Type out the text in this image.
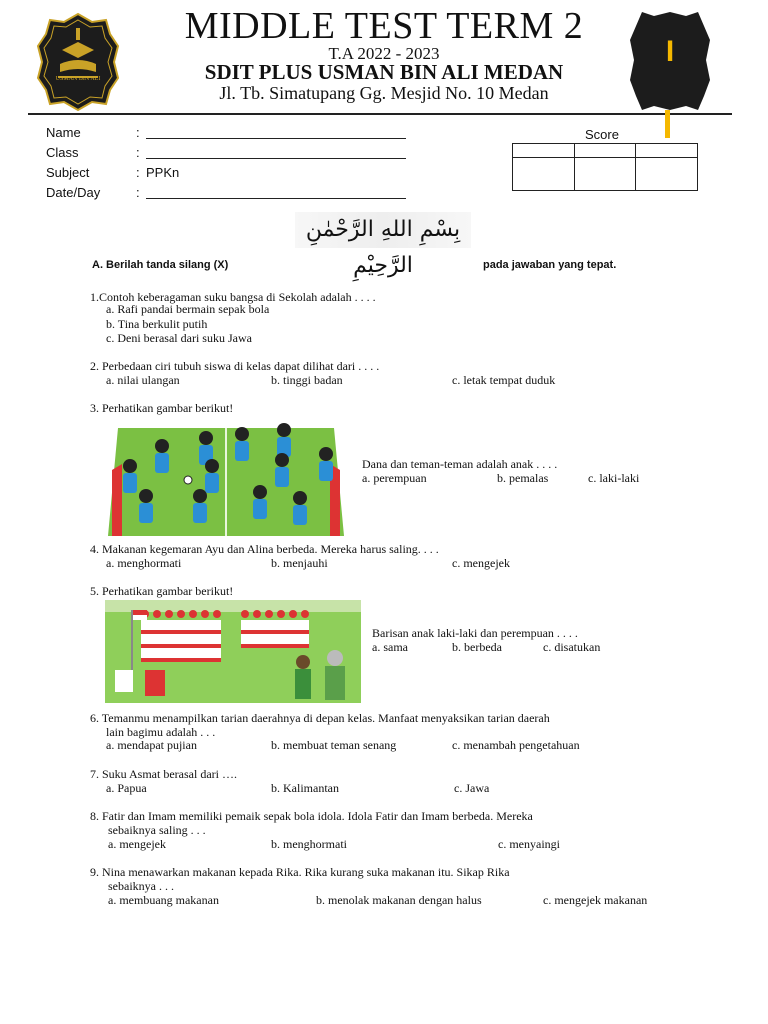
USMAN BIN ALI
MIDDLE TEST TERM 2
T.A 2022 - 2023
SDIT PLUS USMAN BIN ALI MEDAN
Jl. Tb. Simatupang Gg. Mesjid No. 10 Medan
I
Name	:
Class	:
Subject	: PPKn
Date/Day	:
Score

بِسْمِ اللهِ الرَّحْمٰنِ الرَّحِيْمِ
A. Berilah tanda silang (X)	pada jawaban yang tepat.
1.Contoh keberagaman suku bangsa di Sekolah adalah . . . .
a. Rafi pandai bermain sepak bola
b. Tina berkulit putih
c. Deni berasal dari suku Jawa
2. Perbedaan ciri tubuh siswa di kelas dapat dilihat dari . . . .
a. nilai ulangan	b. tinggi badan	c. letak tempat duduk
3. Perhatikan gambar berikut!
Dana dan teman-teman adalah anak . . . .
a. perempuan	b. pemalas	c. laki-laki
4. Makanan kegemaran Ayu dan Alina berbeda. Mereka harus saling. . . .
a. menghormati	b. menjauhi	c. mengejek
5. Perhatikan gambar berikut!
Barisan anak laki-laki dan perempuan . . . .
a. sama	b. berbeda	c. disatukan
6. Temanmu menampilkan tarian daerahnya di depan kelas. Manfaat menyaksikan tarian daerah
lain bagimu adalah . . .
a. mendapat pujian	b. membuat teman senang	c. menambah pengetahuan
7. Suku Asmat berasal dari ….
a. Papua	b. Kalimantan	c. Jawa
8. Fatir dan Imam memiliki pemaik sepak bola idola. Idola Fatir dan Imam berbeda. Mereka
sebaiknya saling . . .
a. mengejek	b. menghormati	c. menyaingi
9. Nina menawarkan makanan kepada Rika. Rika kurang suka makanan itu. Sikap Rika
sebaiknya . . .
a. membuang makanan	b. menolak makanan dengan halus	c. mengejek makanan
